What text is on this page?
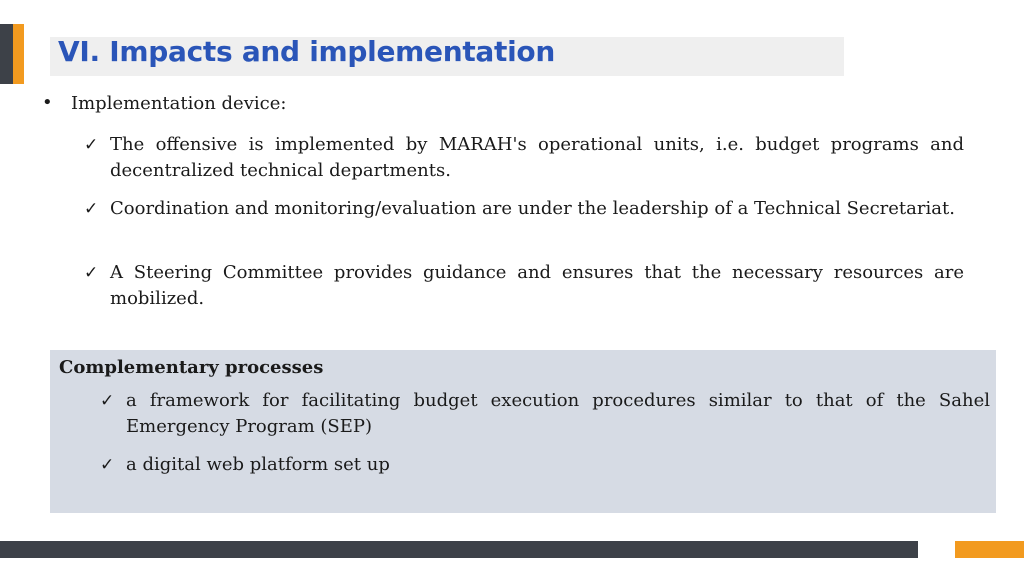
VI. Impacts and implementation
• Implementation device:
✓ The offensive is implemented by MARAH's operational units, i.e. budget programs and decentralized technical departments.
✓ Coordination and monitoring/evaluation are under the leadership of a Technical Secretariat.
✓ A Steering Committee provides guidance and ensures that the necessary resources are mobilized.
Complementary processes
✓ a framework for facilitating budget execution procedures similar to that of the Sahel Emergency Program (SEP)
✓ a digital web platform set up
